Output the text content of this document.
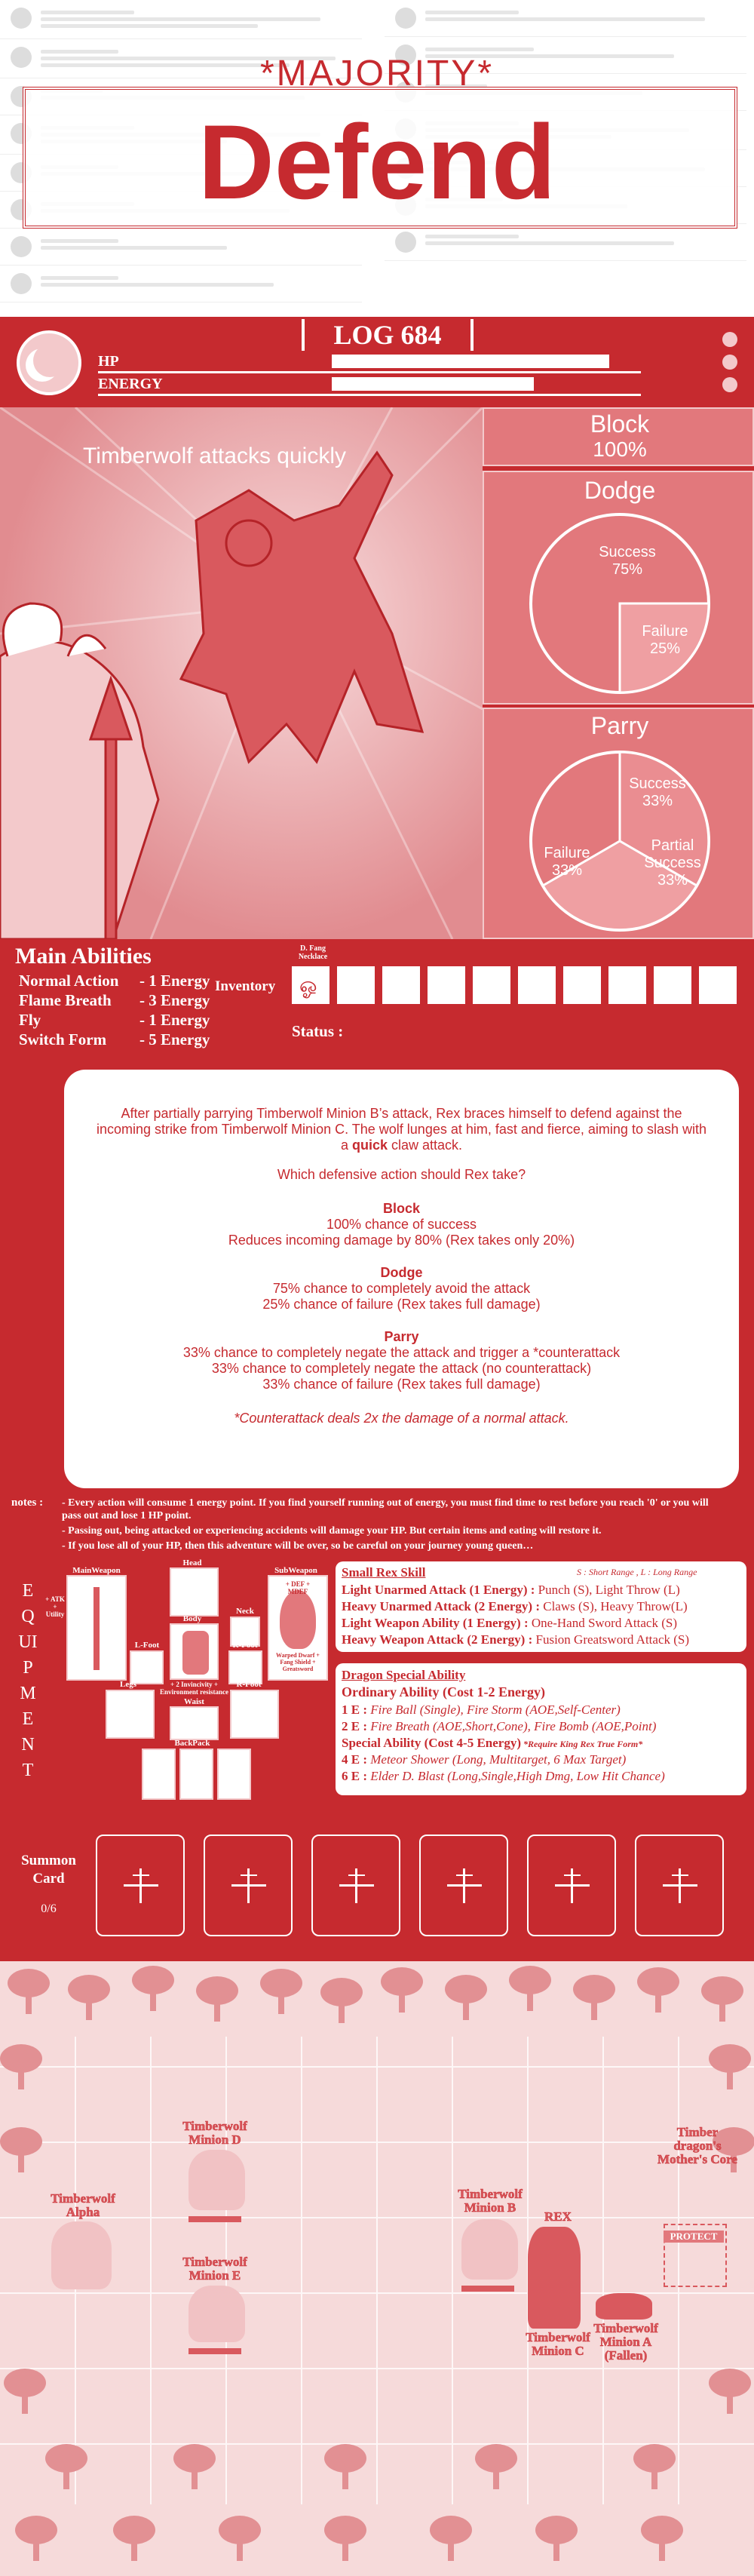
*MAJORITY*
Defend
LOG 684
HP
ENERGY
Timberwolf attacks quickly
Block
100%
Dodge
Success
75%
Failure
25%
Parry
Success
33%
Failure
33%
Partial Success
33%
Main Abilities
Normal Action - 1 Energy
Flame Breath - 3 Energy
Fly	- 1 Energy
Switch Form - 5 Energy
Inventory
D. Fang Necklace
ஓ
Status :

After partially parrying Timberwolf Minion B’s attack, Rex braces himself to defend against the incoming strike from Timberwolf Minion C. The wolf lunges at him, fast and fierce, aiming to slash with a quick claw attack.

Which defensive action should Rex take?

Block

100% chance of success

Reduces incoming damage by 80% (Rex takes only 20%)

Dodge

75% chance to completely avoid the attack

25% chance of failure (Rex takes full damage)

Parry

33% chance to completely negate the attack and trigger a *counterattack

33% chance to completely negate the attack (no counterattack)

33% chance of failure (Rex takes full damage)

*Counterattack deals 2x the damage of a normal attack.

notes : - Every action will consume 1 energy point. If you find yourself running out of energy, you must find time to rest before you reach '0' or you will pass out and lose 1 HP point.
- Passing out, being attacked or experiencing accidents will damage your HP. But certain items and eating will restore it.
- If you lose all of your HP, then this adventure will be over, so be careful on your journey young queen…
EQUIPMENT
MainWeapon
+ ATK + Utility
Head
Body
+ 2 Invincivity + Environment resistance
Neck
SubWeapon
+ DEF + MDEF
Warped Dwarf + Fang Shield + Greatsword
L-Foot	R-Foot
Legs
Waist
R-Foot
BackPack
Small Rex Skill	S : Short Range , L : Long Range
Light Unarmed Attack (1 Energy) : Punch (S), Light Throw (L)
Heavy Unarmed Attack (2 Energy) : Claws (S), Heavy Throw(L)
Light Weapon Ability (1 Energy) : One-Hand Sword Attack (S)
Heavy Weapon Attack (2 Energy) : Fusion Greatsword Attack (S)
Dragon Special Ability
Ordinary Ability (Cost 1-2 Energy)
1 E : Fire Ball (Single), Fire Storm (AOE,Self-Center)
2 E : Fire Breath (AOE,Short,Cone), Fire Bomb (AOE,Point)
Special Ability (Cost 4-5 Energy) *Require King Rex True Form*
4 E : Meteor Shower (Long, Multitarget, 6 Max Target)
6 E : Elder D. Blast (Long,Single,High Dmg, Low Hit Chance)
Summon Card
0/6
Timberwolf Alpha
Timberwolf Minion D
Timberwolf Minion E
Timberwolf Minion B
REX
Timberwolf Minion C
Timberwolf Minion A (Fallen)
Timber dragon's Mother's Core
PROTECT
